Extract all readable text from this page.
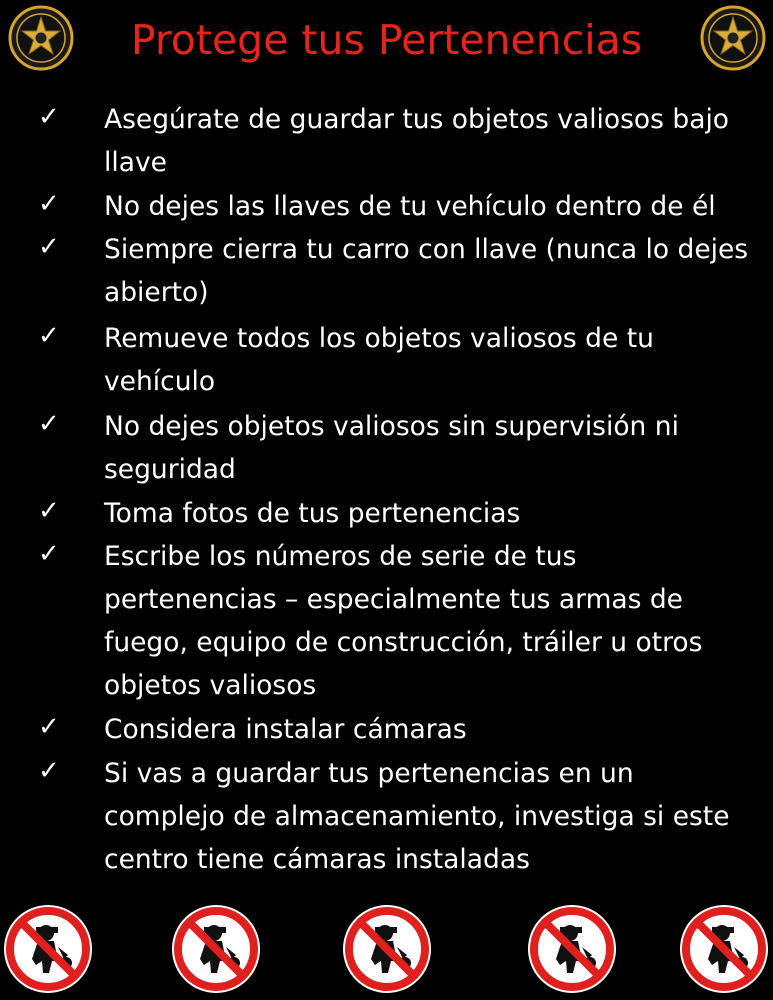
Protege tus Pertenencias
✓ Asegúrate de guardar tus objetos valiosos bajo llave
✓ No dejes las llaves de tu vehículo dentro de él
✓ Siempre cierra tu carro con llave (nunca lo dejes abierto)
✓ Remueve todos los objetos valiosos de tu vehículo
✓ No dejes objetos valiosos sin supervisión ni seguridad
✓ Toma fotos de tus pertenencias
✓ Escribe los números de serie de tus pertenencias – especialmente tus armas de fuego, equipo de construcción, tráiler u otros objetos valiosos
✓ Considera instalar cámaras
✓ Si vas a guardar tus pertenencias en un complejo de almacenamiento, investiga si este centro tiene cámaras instaladas
